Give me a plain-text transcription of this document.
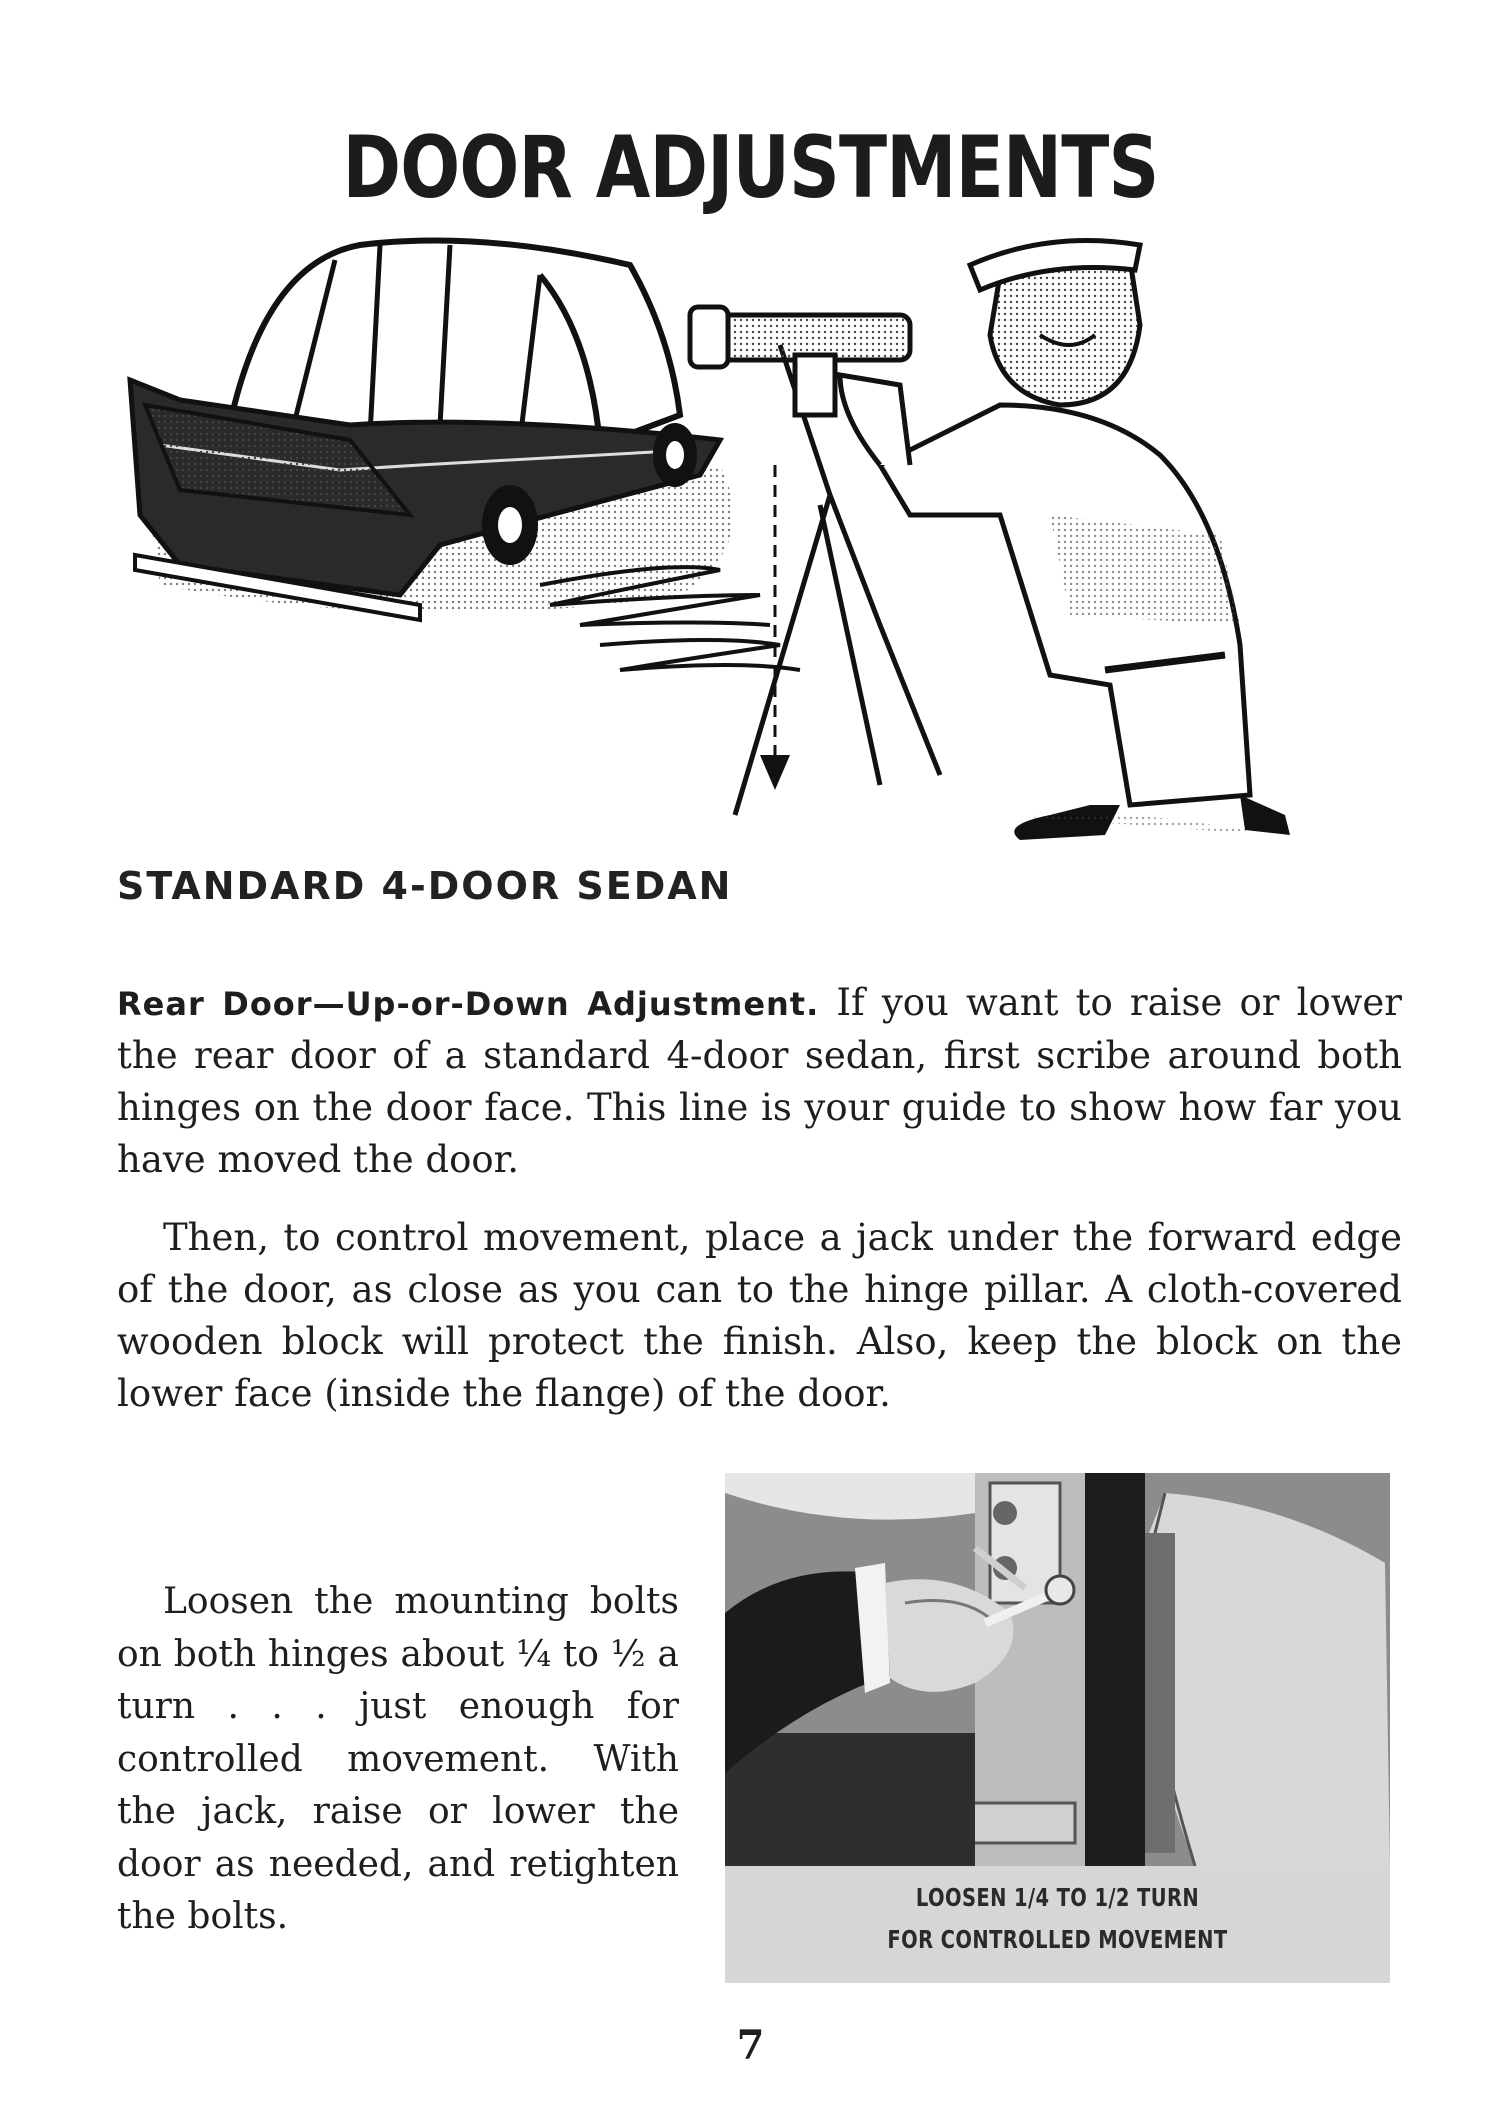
DOOR ADJUSTMENTS
STANDARD 4-DOOR SEDAN

Rear Door—Up-or-Down Adjustment. If you want to raise or lower the rear door of a standard 4-door sedan, first scribe around both hinges on the door face. This line is your guide to show how far you have moved the door.

Then, to control movement, place a jack under the forward edge of the door, as close as you can to the hinge pillar. A cloth-covered wooden block will protect the finish. Also, keep the block on the lower face (inside the flange) of the door.

Loosen the mounting bolts on both hinges about ¼ to ½ a turn . . . just enough for controlled movement. With the jack, raise or lower the door as needed, and retighten the bolts.	LOOSEN 1/4 TO 1/2 TURN
FOR CONTROLLED MOVEMENT
7
